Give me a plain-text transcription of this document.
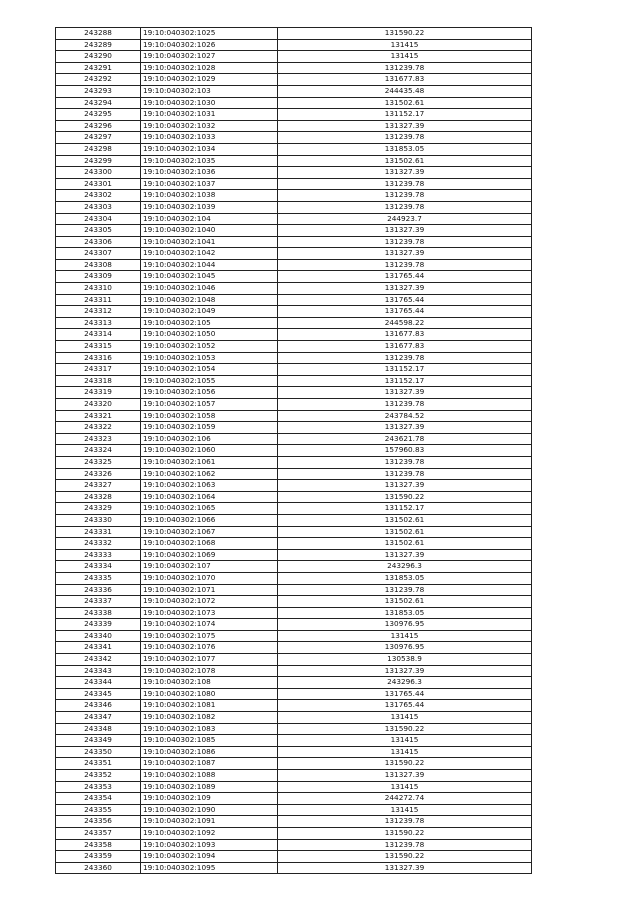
243288	19:10:040302:1025	131590.22
243289	19:10:040302:1026	131415
243290	19:10:040302:1027	131415
243291	19:10:040302:1028	131239.78
243292	19:10:040302:1029	131677.83
243293	19:10:040302:103	244435.48
243294	19:10:040302:1030	131502.61
243295	19:10:040302:1031	131152.17
243296	19:10:040302:1032	131327.39
243297	19:10:040302:1033	131239.78
243298	19:10:040302:1034	131853.05
243299	19:10:040302:1035	131502.61
243300	19:10:040302:1036	131327.39
243301	19:10:040302:1037	131239.78
243302	19:10:040302:1038	131239.78
243303	19:10:040302:1039	131239.78
243304	19:10:040302:104	244923.7
243305	19:10:040302:1040	131327.39
243306	19:10:040302:1041	131239.78
243307	19:10:040302:1042	131327.39
243308	19:10:040302:1044	131239.78
243309	19:10:040302:1045	131765.44
243310	19:10:040302:1046	131327.39
243311	19:10:040302:1048	131765.44
243312	19:10:040302:1049	131765.44
243313	19:10:040302:105	244598.22
243314	19:10:040302:1050	131677.83
243315	19:10:040302:1052	131677.83
243316	19:10:040302:1053	131239.78
243317	19:10:040302:1054	131152.17
243318	19:10:040302:1055	131152.17
243319	19:10:040302:1056	131327.39
243320	19:10:040302:1057	131239.78
243321	19:10:040302:1058	243784.52
243322	19:10:040302:1059	131327.39
243323	19:10:040302:106	243621.78
243324	19:10:040302:1060	157960.83
243325	19:10:040302:1061	131239.78
243326	19:10:040302:1062	131239.78
243327	19:10:040302:1063	131327.39
243328	19:10:040302:1064	131590.22
243329	19:10:040302:1065	131152.17
243330	19:10:040302:1066	131502.61
243331	19:10:040302:1067	131502.61
243332	19:10:040302:1068	131502.61
243333	19:10:040302:1069	131327.39
243334	19:10:040302:107	243296.3
243335	19:10:040302:1070	131853.05
243336	19:10:040302:1071	131239.78
243337	19:10:040302:1072	131502.61
243338	19:10:040302:1073	131853.05
243339	19:10:040302:1074	130976.95
243340	19:10:040302:1075	131415
243341	19:10:040302:1076	130976.95
243342	19:10:040302:1077	130538.9
243343	19:10:040302:1078	131327.39
243344	19:10:040302:108	243296.3
243345	19:10:040302:1080	131765.44
243346	19:10:040302:1081	131765.44
243347	19:10:040302:1082	131415
243348	19:10:040302:1083	131590.22
243349	19:10:040302:1085	131415
243350	19:10:040302:1086	131415
243351	19:10:040302:1087	131590.22
243352	19:10:040302:1088	131327.39
243353	19:10:040302:1089	131415
243354	19:10:040302:109	244272.74
243355	19:10:040302:1090	131415
243356	19:10:040302:1091	131239.78
243357	19:10:040302:1092	131590.22
243358	19:10:040302:1093	131239.78
243359	19:10:040302:1094	131590.22
243360	19:10:040302:1095	131327.39
